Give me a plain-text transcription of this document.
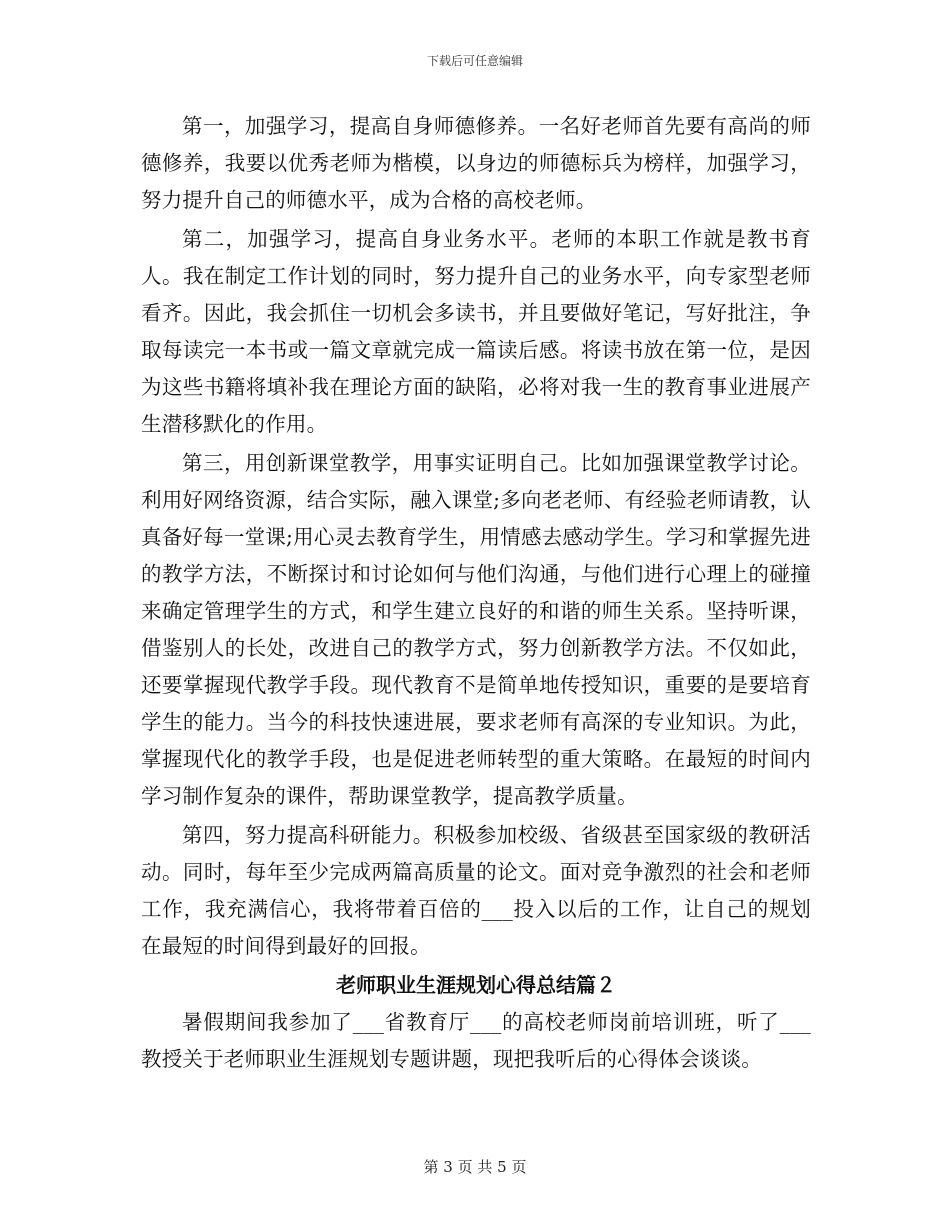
下载后可任意编辑

第一，加强学习，提高自身师德修养。一名好老师首先要有高尚的师德修养，我要以优秀老师为楷模，以身边的师德标兵为榜样，加强学习，努力提升自己的师德水平，成为合格的高校老师。

第二，加强学习，提高自身业务水平。老师的本职工作就是教书育人。我在制定工作计划的同时，努力提升自己的业务水平，向专家型老师看齐。因此，我会抓住一切机会多读书，并且要做好笔记，写好批注，争取每读完一本书或一篇文章就完成一篇读后感。将读书放在第一位，是因为这些书籍将填补我在理论方面的缺陷，必将对我一生的教育事业进展产生潜移默化的作用。

第三，用创新课堂教学，用事实证明自己。比如加强课堂教学讨论。利用好网络资源，结合实际，融入课堂;多向老老师、有经验老师请教，认真备好每一堂课;用心灵去教育学生，用情感去感动学生。学习和掌握先进的教学方法，不断探讨和讨论如何与他们沟通，与他们进行心理上的碰撞来确定管理学生的方式，和学生建立良好的和谐的师生关系。坚持听课，借鉴别人的长处，改进自己的教学方式，努力创新教学方法。不仅如此，还要掌握现代教学手段。现代教育不是简单地传授知识，重要的是要培育学生的能力。当今的科技快速进展，要求老师有高深的专业知识。为此，掌握现代化的教学手段，也是促进老师转型的重大策略。在最短的时间内学习制作复杂的课件，帮助课堂教学，提高教学质量。

第四，努力提高科研能力。积极参加校级、省级甚至国家级的教研活动。同时，每年至少完成两篇高质量的论文。面对竞争激烈的社会和老师工作，我充满信心，我将带着百倍的___投入以后的工作，让自己的规划在最短的时间得到最好的回报。

老师职业生涯规划心得总结篇２

暑假期间我参加了___省教育厅___的高校老师岗前培训班，听了___教授关于老师职业生涯规划专题讲题，现把我听后的心得体会谈谈。

第 3 页 共 5 页
